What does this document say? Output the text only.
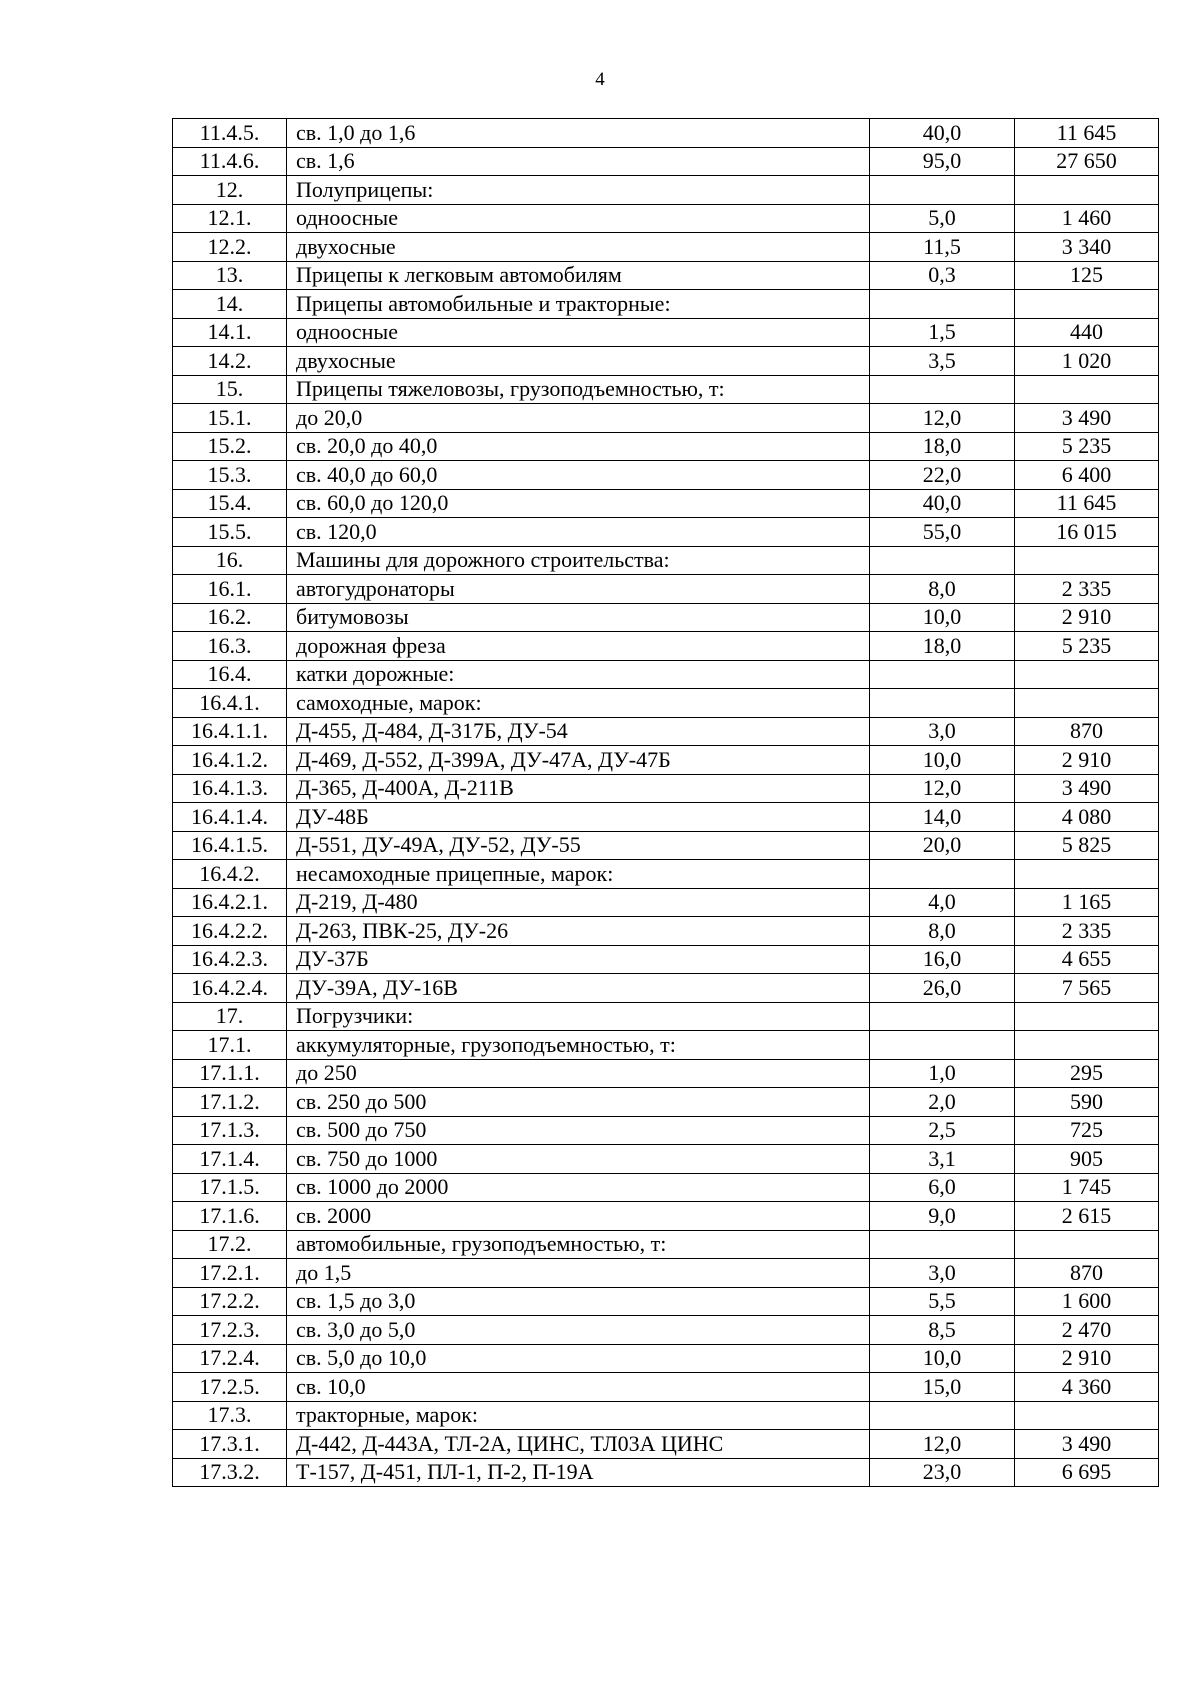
4
11.4.5.	св. 1,0 до 1,6	40,0	11 645
11.4.6.	св. 1,6	95,0	27 650
12.	Полуприцепы:		
12.1.	одноосные	5,0	1 460
12.2.	двухосные	11,5	3 340
13.	Прицепы к легковым автомобилям	0,3	125
14.	Прицепы автомобильные и тракторные:		
14.1.	одноосные	1,5	440
14.2.	двухосные	3,5	1 020
15.	Прицепы тяжеловозы, грузоподъемностью, т:		
15.1.	до 20,0	12,0	3 490
15.2.	св. 20,0 до 40,0	18,0	5 235
15.3.	св. 40,0 до 60,0	22,0	6 400
15.4.	св. 60,0 до 120,0	40,0	11 645
15.5.	св. 120,0	55,0	16 015
16.	Машины для дорожного строительства:		
16.1.	автогудронаторы	8,0	2 335
16.2.	битумовозы	10,0	2 910
16.3.	дорожная фреза	18,0	5 235
16.4.	катки дорожные:		
16.4.1.	самоходные, марок:		
16.4.1.1.	Д-455, Д-484, Д-317Б, ДУ-54	3,0	870
16.4.1.2.	Д-469, Д-552, Д-399А, ДУ-47А, ДУ-47Б	10,0	2 910
16.4.1.3.	Д-365, Д-400А, Д-211В	12,0	3 490
16.4.1.4.	ДУ-48Б	14,0	4 080
16.4.1.5.	Д-551, ДУ-49А, ДУ-52, ДУ-55	20,0	5 825
16.4.2.	несамоходные прицепные, марок:		
16.4.2.1.	Д-219, Д-480	4,0	1 165
16.4.2.2.	Д-263, ПВК-25, ДУ-26	8,0	2 335
16.4.2.3.	ДУ-37Б	16,0	4 655
16.4.2.4.	ДУ-39А, ДУ-16В	26,0	7 565
17.	Погрузчики:		
17.1.	аккумуляторные, грузоподъемностью, т:		
17.1.1.	до 250	1,0	295
17.1.2.	св. 250 до 500	2,0	590
17.1.3.	св. 500 до 750	2,5	725
17.1.4.	св. 750 до 1000	3,1	905
17.1.5.	св. 1000 до 2000	6,0	1 745
17.1.6.	св. 2000	9,0	2 615
17.2.	автомобильные, грузоподъемностью, т:		
17.2.1.	до 1,5	3,0	870
17.2.2.	св. 1,5 до 3,0	5,5	1 600
17.2.3.	св. 3,0 до 5,0	8,5	2 470
17.2.4.	св. 5,0 до 10,0	10,0	2 910
17.2.5.	св. 10,0	15,0	4 360
17.3.	тракторные, марок:		
17.3.1.	Д-442, Д-443А, ТЛ-2А, ЦИНС, ТЛ03А ЦИНС	12,0	3 490
17.3.2.	Т-157, Д-451, ПЛ-1, П-2, П-19А	23,0	6 695
